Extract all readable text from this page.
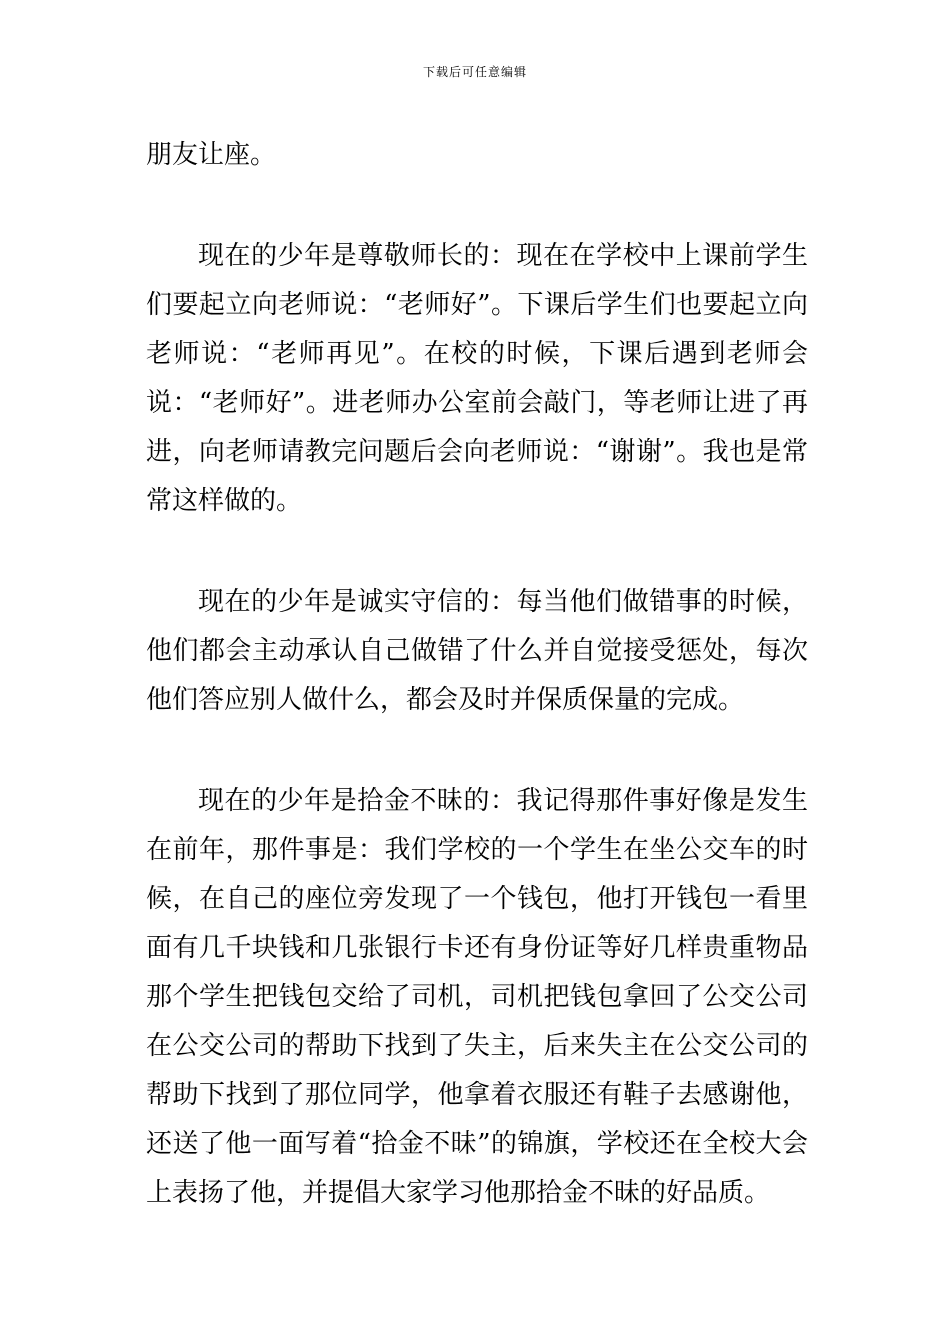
下载后可任意编辑

朋友让座。

现在的少年是尊敬师长的：现在在学校中上课前学生们要起立向老师说：“老师好”。下课后学生们也要起立向老师说：“老师再见”。在校的时候，下课后遇到老师会说：“老师好”。进老师办公室前会敲门，等老师让进了再进，向老师请教完问题后会向老师说：“谢谢”。我也是常常这样做的。

现在的少年是诚实守信的：每当他们做错事的时候，他们都会主动承认自己做错了什么并自觉接受惩处，每次他们答应别人做什么，都会及时并保质保量的完成。

现在的少年是拾金不昧的：我记得那件事好像是发生在前年，那件事是：我们学校的一个学生在坐公交车的时候，在自己的座位旁发现了一个钱包，他打开钱包一看里面有几千块钱和几张银行卡还有身份证等好几样贵重物品那个学生把钱包交给了司机，司机把钱包拿回了公交公司在公交公司的帮助下找到了失主，后来失主在公交公司的帮助下找到了那位同学，他拿着衣服还有鞋子去感谢他，还送了他一面写着“拾金不昧”的锦旗，学校还在全校大会上表扬了他，并提倡大家学习他那拾金不昧的好品质。
